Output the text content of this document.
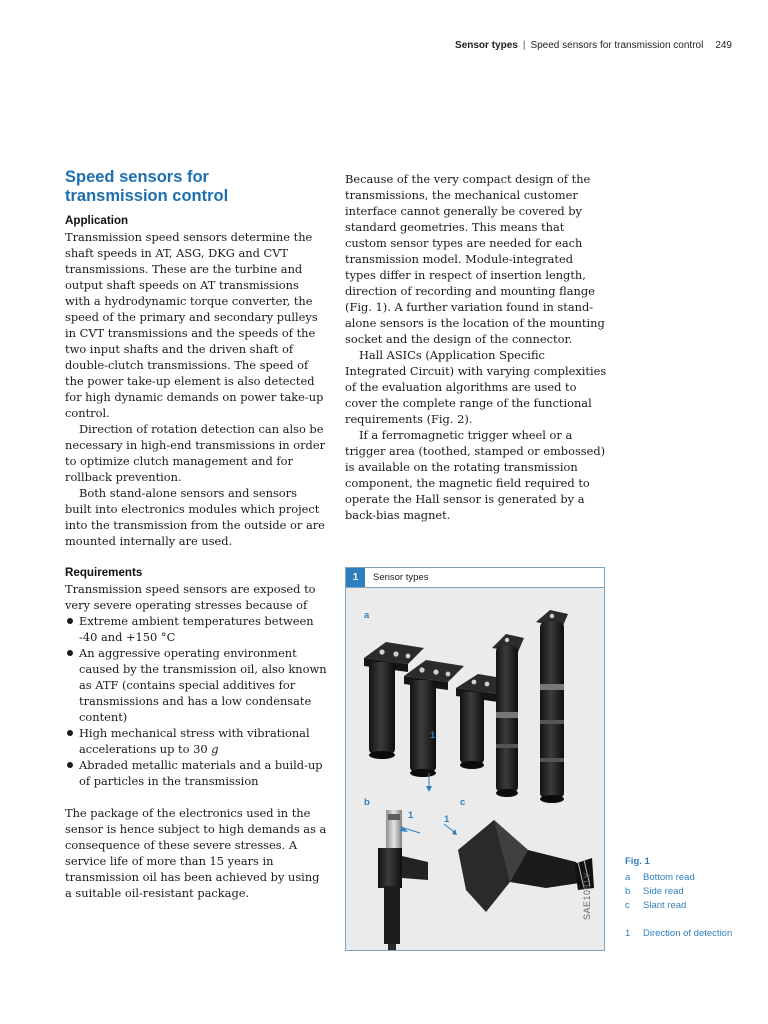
Sensor types | Speed sensors for transmission control 249
Speed sensors for
transmission control
Application

Transmission speed sensors determine the shaft speeds in AT, ASG, DKG and CVT transmissions. These are the turbine and output shaft speeds on AT transmissions with a hydrodynamic torque converter, the speed of the primary and secondary pulleys in CVT transmissions and the speeds of the two input shafts and the driven shaft of double-clutch transmissions. The speed of the power take-up element is also detected for high dynamic demands on power take-up control.

Direction of rotation detection can also be necessary in high-end transmissions in order to optimize clutch management and for rollback prevention.

Both stand-alone sensors and sensors built into electronics modules which project into the transmission from the outside or are mounted internally are used.

Requirements

Transmission speed sensors are exposed to very severe operating stresses because of

Extreme ambient temperatures between -40 and +150 °C
An aggressive operating environment caused by the transmission oil, also known as ATF (contains special additives for transmissions and has a low condensate content)
High mechanical stress with vibrational accelerations up to 30 g
Abraded metallic materials and a build-up of particles in the transmission

The package of the electronics used in the sensor is hence subject to high demands as a consequence of these severe stresses. A service life of more than 15 years in transmission oil has been achieved by using a suitable oil-resistant package.

Because of the very compact design of the transmissions, the mechanical customer interface cannot generally be covered by standard geometries. This means that custom sensor types are needed for each transmission model. Module-integrated types differ in respect of insertion length, direction of recording and mounting flange (Fig. 1). A further variation found in stand-alone sensors is the location of the mounting socket and the design of the connector.

Hall ASICs (Application Specific Integrated Circuit) with varying complexities of the evaluation algorithms are used to cover the complete range of the functional requirements (Fig. 2).

If a ferromagnetic trigger wheel or a trigger area (toothed, stamped or embossed) is available on the rotating transmission component, the magnetic field required to operate the Hall sensor is generated by a back-bias magnet.

1	Sensor types
a
1
b	c
1	1
SAE1081Y
Fig. 1
a	Bottom read
b	Side read
c	Slant read
1	Direction of detection
